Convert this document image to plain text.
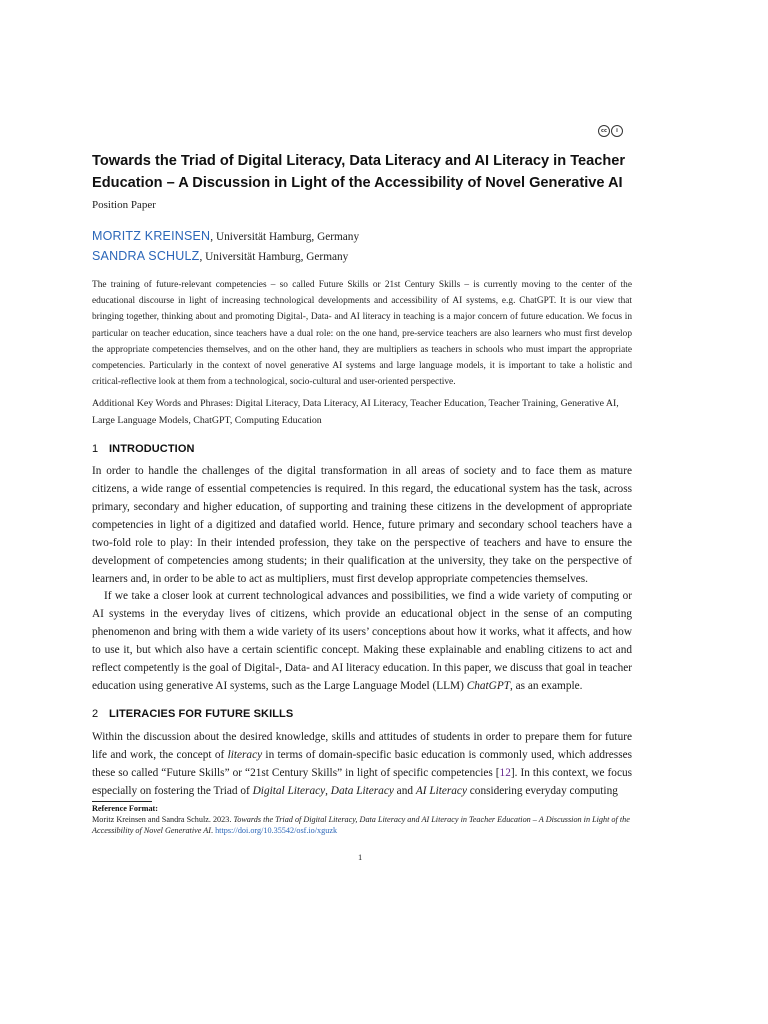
cc	i
Towards the Triad of Digital Literacy, Data Literacy and AI Literacy in Teacher Education – A Discussion in Light of the Accessibility of Novel Generative AI
Position Paper
MORITZ KREINSEN, Universität Hamburg, Germany
SANDRA SCHULZ, Universität Hamburg, Germany

The training of future-relevant competencies – so called Future Skills or 21st Century Skills – is currently moving to the center of the educational discourse in light of increasing technological developments and accessibility of AI systems, e.g. ChatGPT. It is our view that bringing together, thinking about and promoting Digital-, Data- and AI literacy in teaching is a major concern of future education. We focus in particular on teacher education, since teachers have a dual role: on the one hand, pre-service teachers are also learners who must first develop the appropriate competencies themselves, and on the other hand, they are multipliers as teachers in schools who must impart the appropriate competencies. Particularly in the context of novel generative AI systems and large language models, it is important to take a holistic and critical-reflective look at them from a technological, socio-cultural and user-oriented perspective.

Additional Key Words and Phrases: Digital Literacy, Data Literacy, AI Literacy, Teacher Education, Teacher Training, Generative AI, Large Language Models, ChatGPT, Computing Education

1 INTRODUCTION

In order to handle the challenges of the digital transformation in all areas of society and to face them as mature citizens, a wide range of essential competencies is required. In this regard, the educational system has the task, across primary, secondary and higher education, of supporting and training these citizens in the development of appropriate competencies in light of a digitized and datafied world. Hence, future primary and secondary school teachers have a two-fold role to play: In their intended profession, they take on the perspective of teachers and have to ensure the development of competencies among students; in their qualification at the university, they take on the perspective of learners and, in order to be able to act as multipliers, must first develop appropriate competencies themselves.

If we take a closer look at current technological advances and possibilities, we find a wide variety of computing or AI systems in the everyday lives of citizens, which provide an educational object in the sense of an computing phenomenon and bring with them a wide variety of its users’ conceptions about how it works, what it affects, and how to use it, but which also have a certain scientific concept. Making these explainable and enabling citizens to act and reflect competently is the goal of Digital-, Data- and AI literacy education. In this paper, we discuss that goal in teacher education using generative AI systems, such as the Large Language Model (LLM) ChatGPT, as an example.

2 LITERACIES FOR FUTURE SKILLS

Within the discussion about the desired knowledge, skills and attitudes of students in order to prepare them for future life and work, the concept of literacy in terms of domain-specific basic education is commonly used, which addresses these so called “Future Skills” or “21st Century Skills” in light of specific competencies [12]. In this context, we focus especially on fostering the Triad of Digital Literacy, Data Literacy and AI Literacy considering everyday computing

Reference Format:

Moritz Kreinsen and Sandra Schulz. 2023. Towards the Triad of Digital Literacy, Data Literacy and AI Literacy in Teacher Education – A Discussion in Light of the Accessibility of Novel Generative AI. https://doi.org/10.35542/osf.io/xguzk

1
